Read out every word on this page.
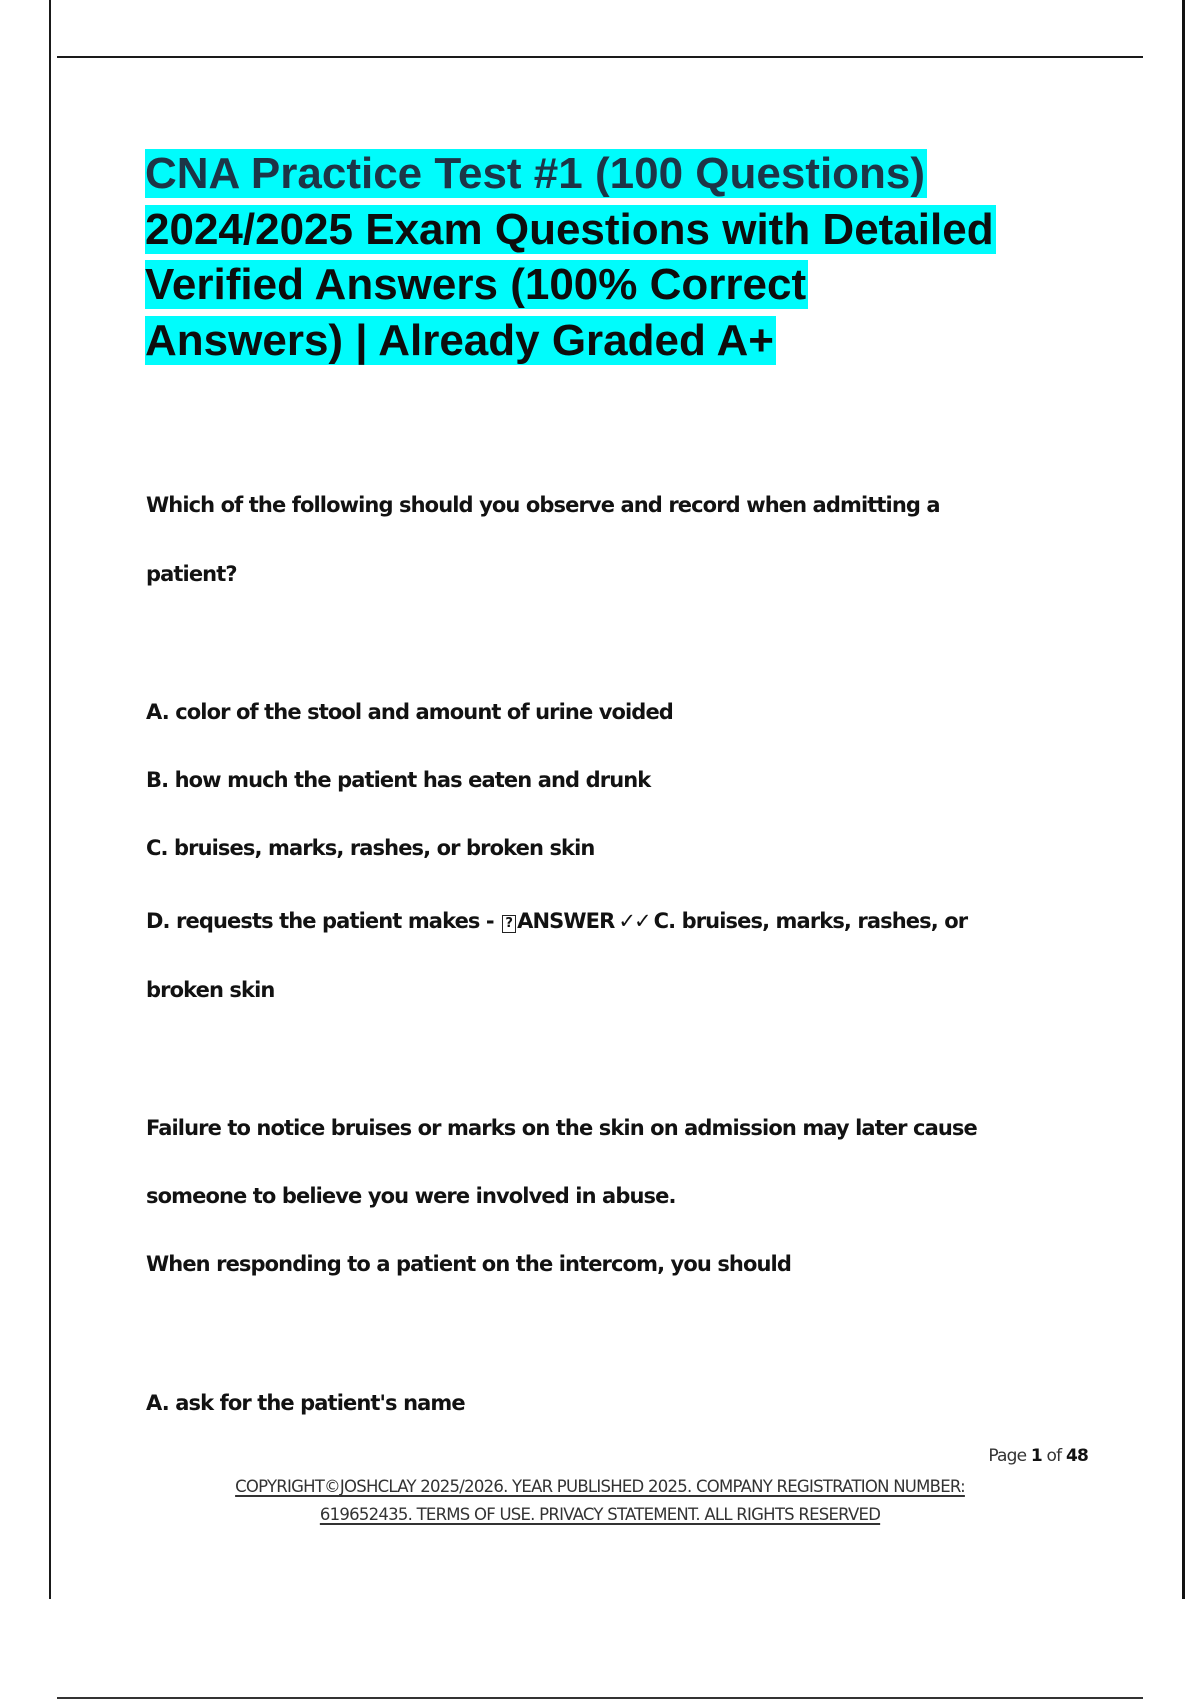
CNA Practice Test #1 (100 Questions)
2024/2025 Exam Questions with Detailed
Verified Answers (100% Correct
Answers) | Already Graded A+

Which of the following should you observe and record when admitting a

patient?

A. color of the stool and amount of urine voided

B. how much the patient has eaten and drunk

C. bruises, marks, rashes, or broken skin

D. requests the patient makes - ? ANSWER ✓✓ C. bruises, marks, rashes, or

broken skin

Failure to notice bruises or marks on the skin on admission may later cause

someone to believe you were involved in abuse.

When responding to a patient on the intercom, you should

A. ask for the patient's name

Page 1 of 48

COPYRIGHT©JOSHCLAY 2025/2026. YEAR PUBLISHED 2025. COMPANY REGISTRATION NUMBER:
619652435. TERMS OF USE. PRIVACY STATEMENT. ALL RIGHTS RESERVED
